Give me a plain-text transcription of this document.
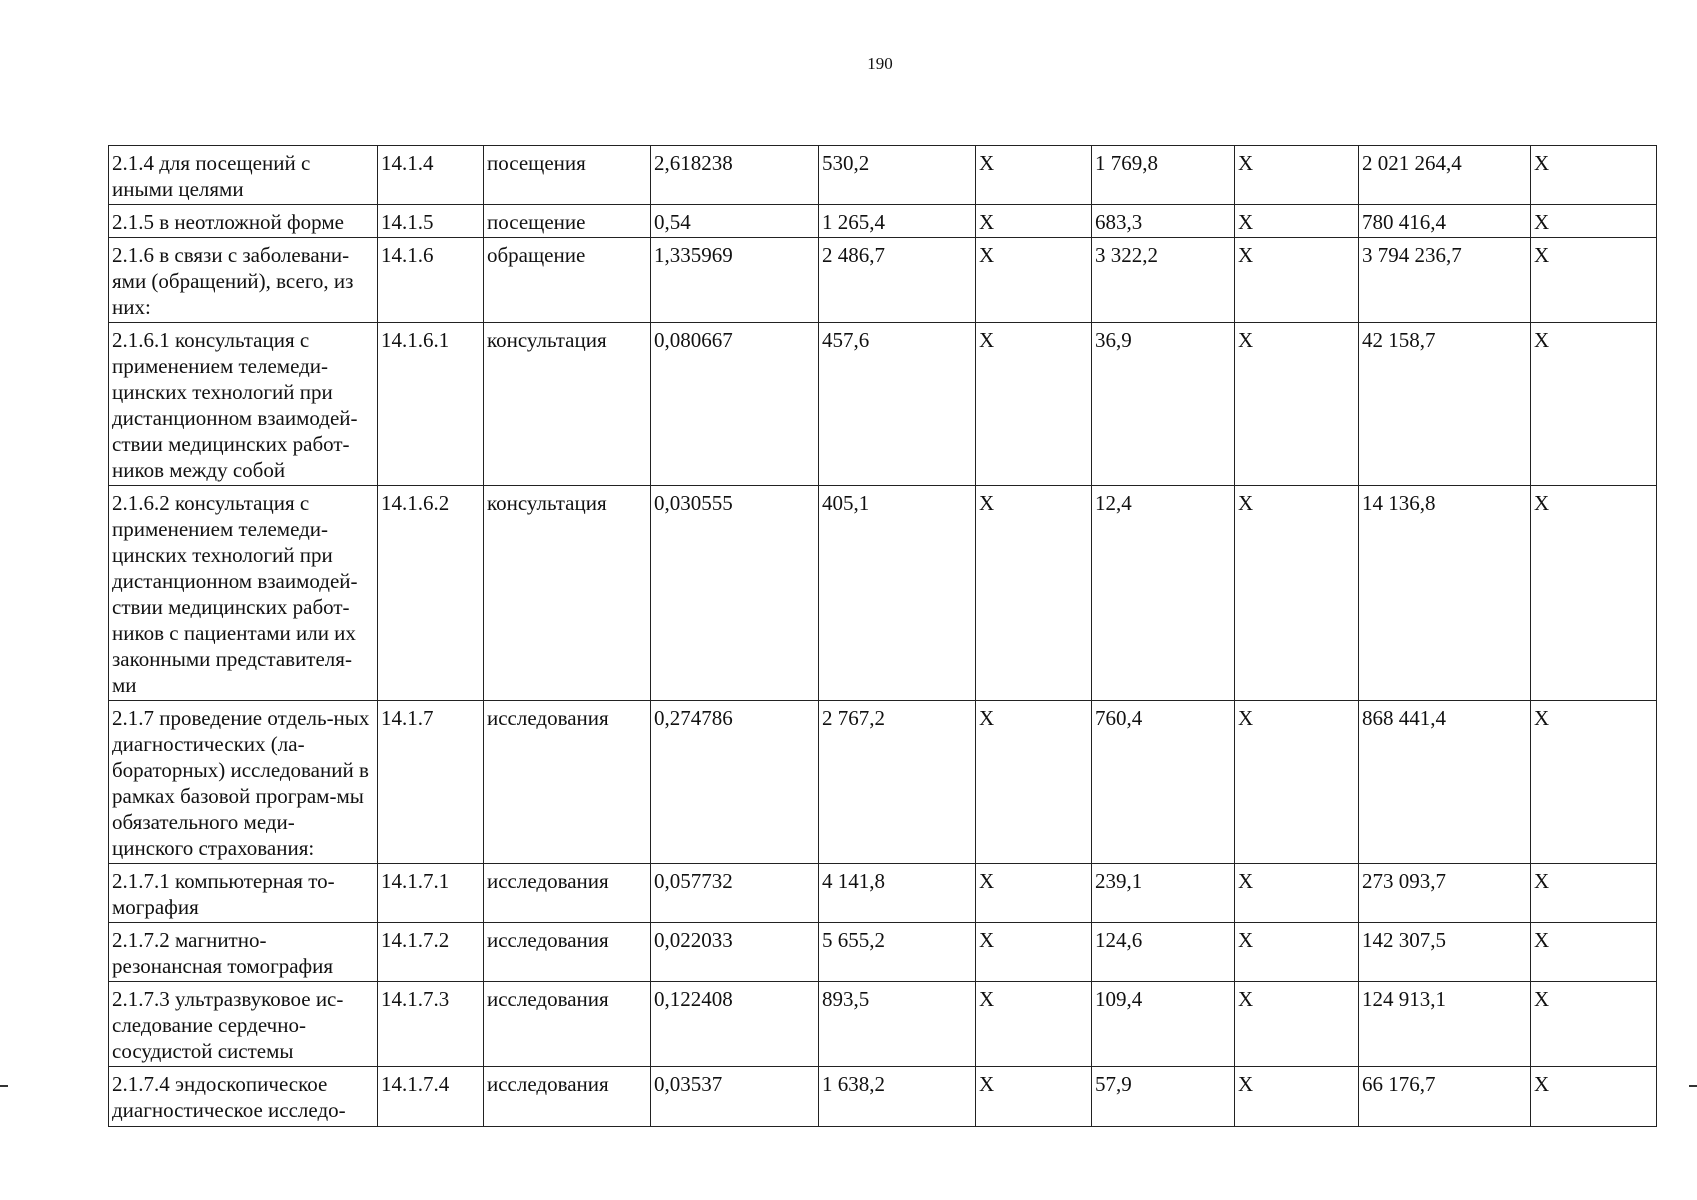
190
2.1.4 для посещений с иными целями	14.1.4	посещения	2,618238	530,2	X	1 769,8	X	2 021 264,4	X
2.1.5 в неотложной форме	14.1.5	посещение	0,54	1 265,4	X	683,3	X	780 416,4	X
2.1.6 в связи с заболевани-ями (обращений), всего, из них:	14.1.6	обращение	1,335969	2 486,7	X	3 322,2	X	3 794 236,7	X
2.1.6.1 консультация с применением телемеди-цинских технологий при дистанционном взаимодей-ствии медицинских работ-ников между собой	14.1.6.1	консультация	0,080667	457,6	X	36,9	X	42 158,7	X
2.1.6.2 консультация с применением телемеди-цинских технологий при дистанционном взаимодей-ствии медицинских работ-ников с пациентами или их законными представителя-ми	14.1.6.2	консультация	0,030555	405,1	X	12,4	X	14 136,8	X
2.1.7 проведение отдель-ных диагностических (ла-бораторных) исследований в рамках базовой програм-мы обязательного меди-цинского страхования:	14.1.7	исследования	0,274786	2 767,2	X	760,4	X	868 441,4	X
2.1.7.1 компьютерная то-мография	14.1.7.1	исследования	0,057732	4 141,8	X	239,1	X	273 093,7	X
2.1.7.2 магнитно-резонансная томография	14.1.7.2	исследования	0,022033	5 655,2	X	124,6	X	142 307,5	X
2.1.7.3 ультразвуковое ис-следование сердечно-сосудистой системы	14.1.7.3	исследования	0,122408	893,5	X	109,4	X	124 913,1	X
2.1.7.4 эндоскопическое диагностическое исследо-	14.1.7.4	исследования	0,03537	1 638,2	X	57,9	X	66 176,7	X
